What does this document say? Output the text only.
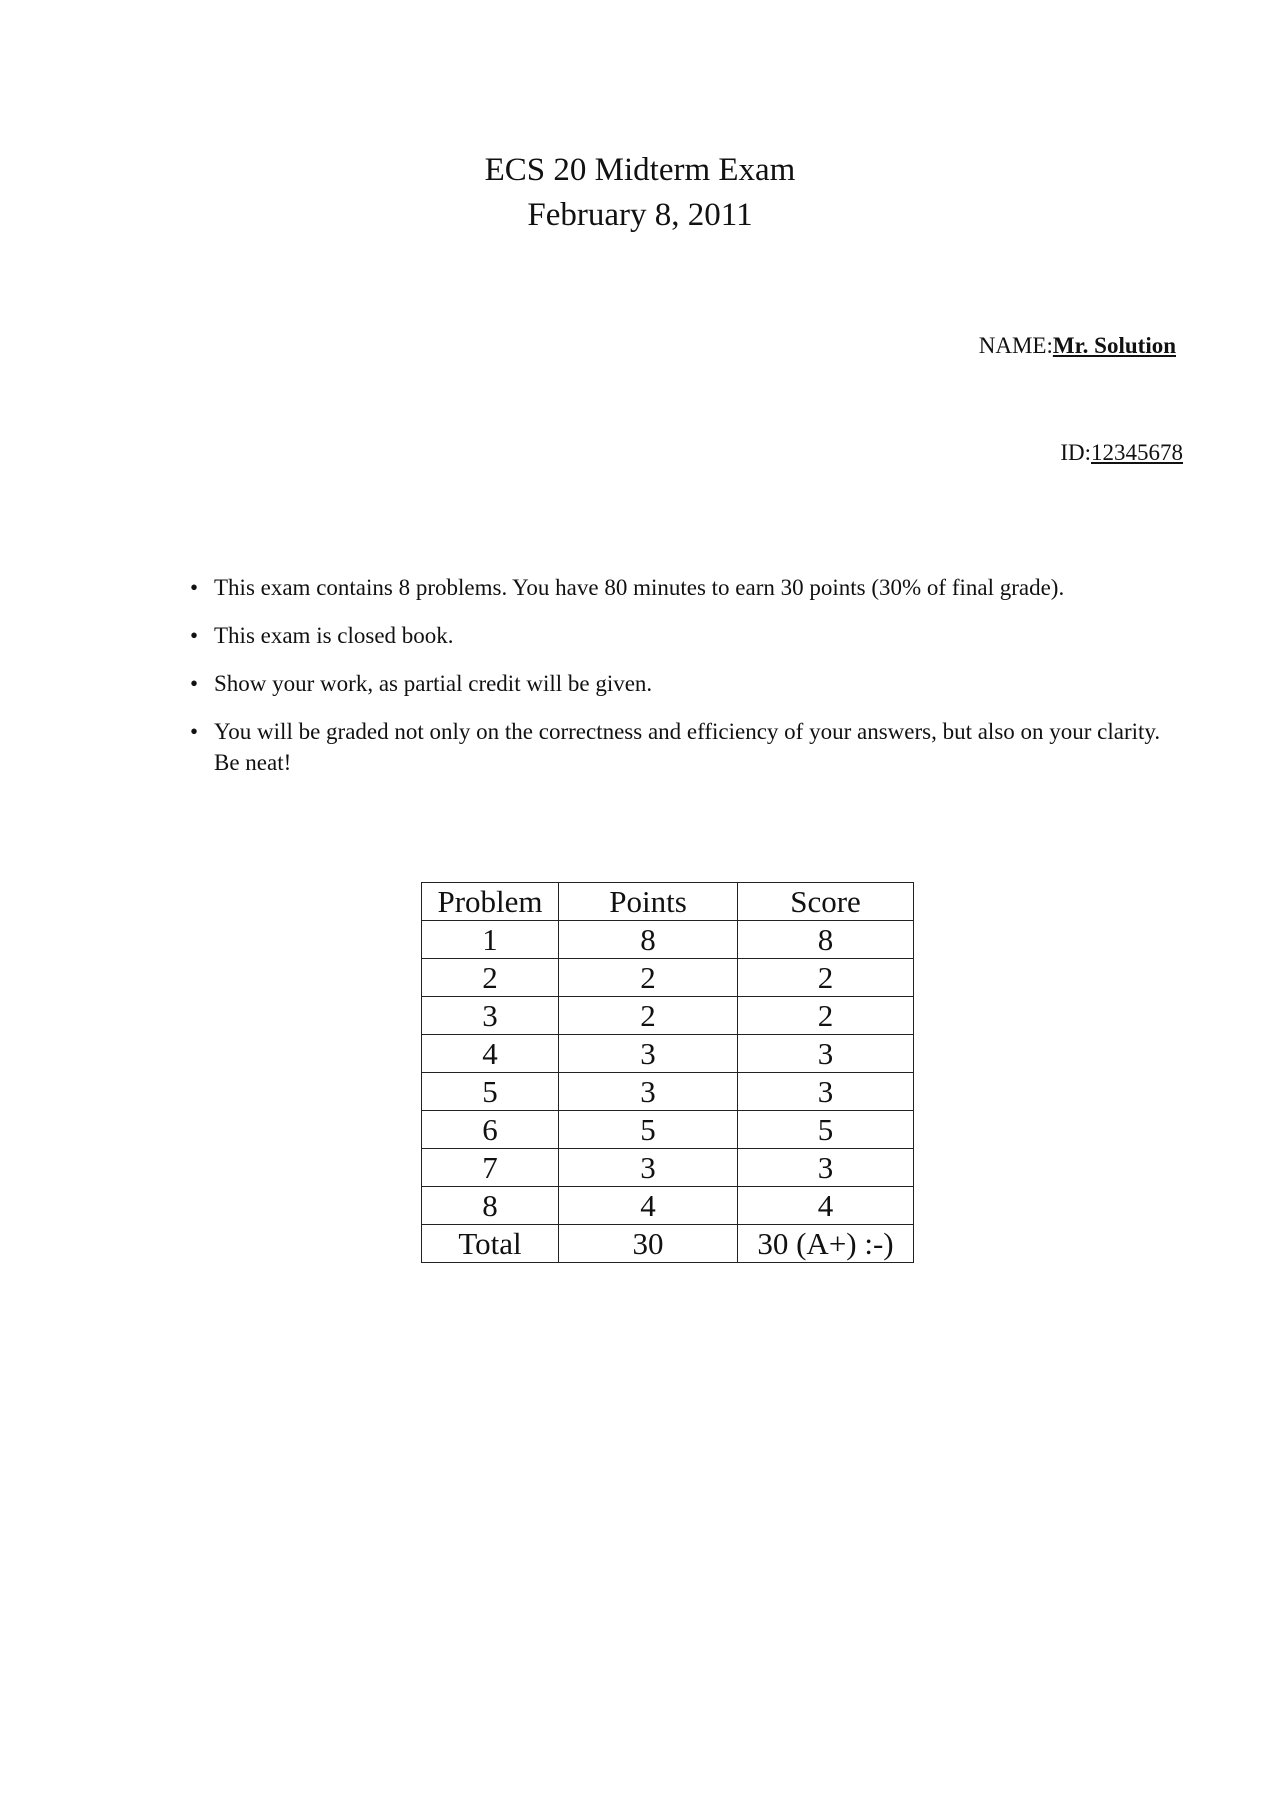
ECS 20 Midterm Exam
February 8, 2011
NAME:Mr. Solution
ID:12345678
• This exam contains 8 problems. You have 80 minutes to earn 30 points (30% of final grade).
• This exam is closed book.
• Show your work, as partial credit will be given.
• You will be graded not only on the correctness and efficiency of your answers, but also on your clarity. Be neat!
Problem	Points	Score
1	8	8
2	2	2
3	2	2
4	3	3
5	3	3
6	5	5
7	3	3
8	4	4
Total	30	30 (A+) :-)
